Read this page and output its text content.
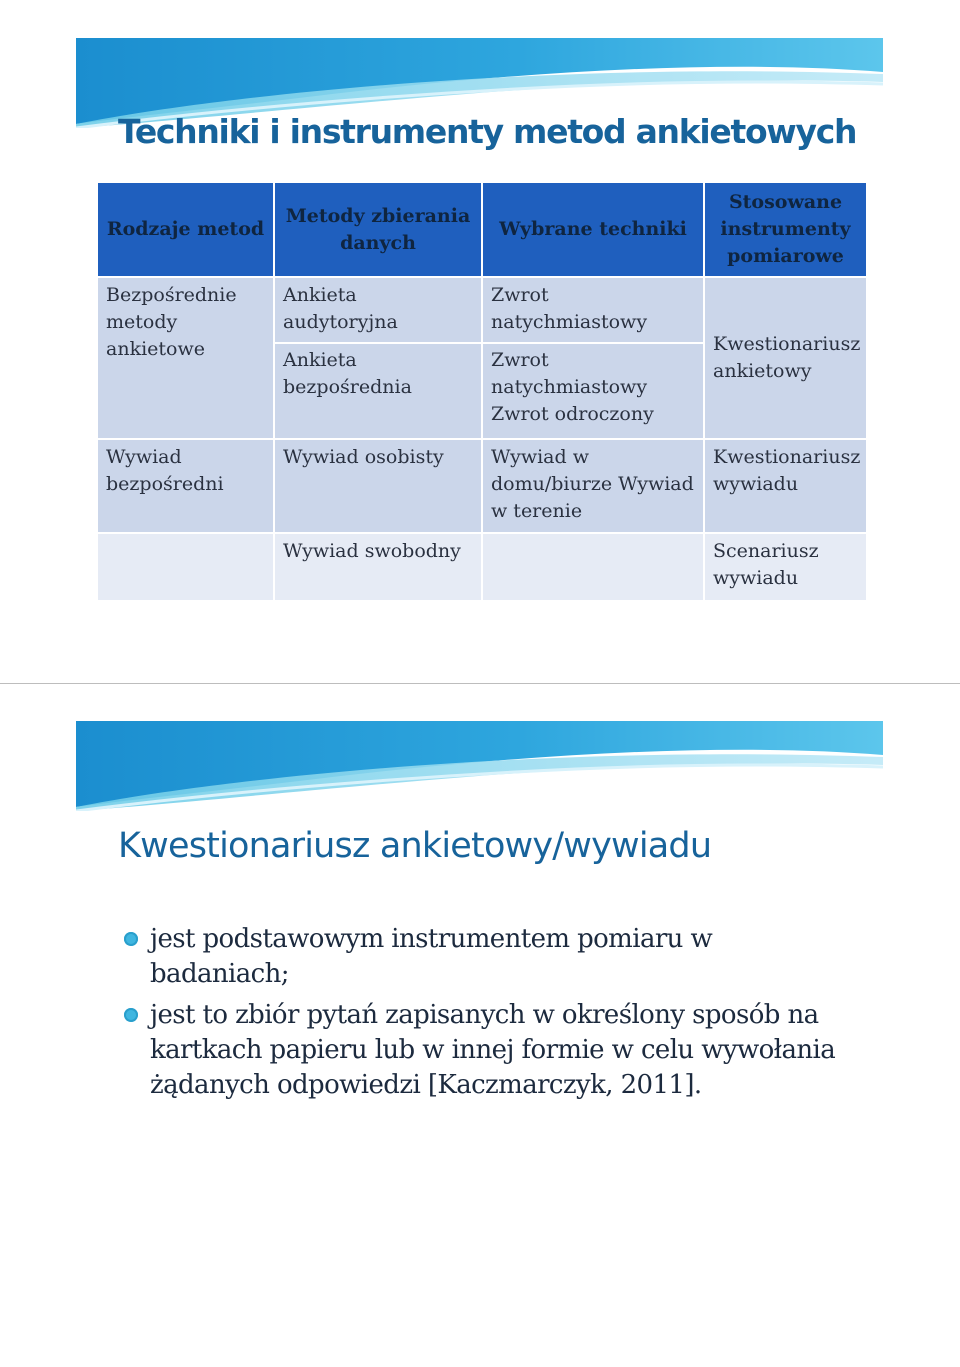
Techniki i instrumenty metod ankietowych
Rodzaje metod
Metody zbierania danych
Wybrane techniki
Stosowane instrumenty pomiarowe
Bezpośrednie metody ankietowe
Ankieta audytoryjna
Ankieta bezpośrednia
Zwrot natychmiastowy
Zwrot natychmiastowy Zwrot odroczony
Kwestionariusz ankietowy
Wywiad bezpośredni
Wywiad osobisty	Wywiad w domu/biurze Wywiad w terenie
Kwestionariusz wywiadu
Wywiad swobodny	Scenariusz wywiadu
Kwestionariusz ankietowy/wywiadu
jest podstawowym instrumentem pomiaru w badaniach;
jest to zbiór pytań zapisanych w określony sposób na kartkach papieru lub w innej formie w celu wywołania żądanych odpowiedzi [Kaczmarczyk, 2011].
